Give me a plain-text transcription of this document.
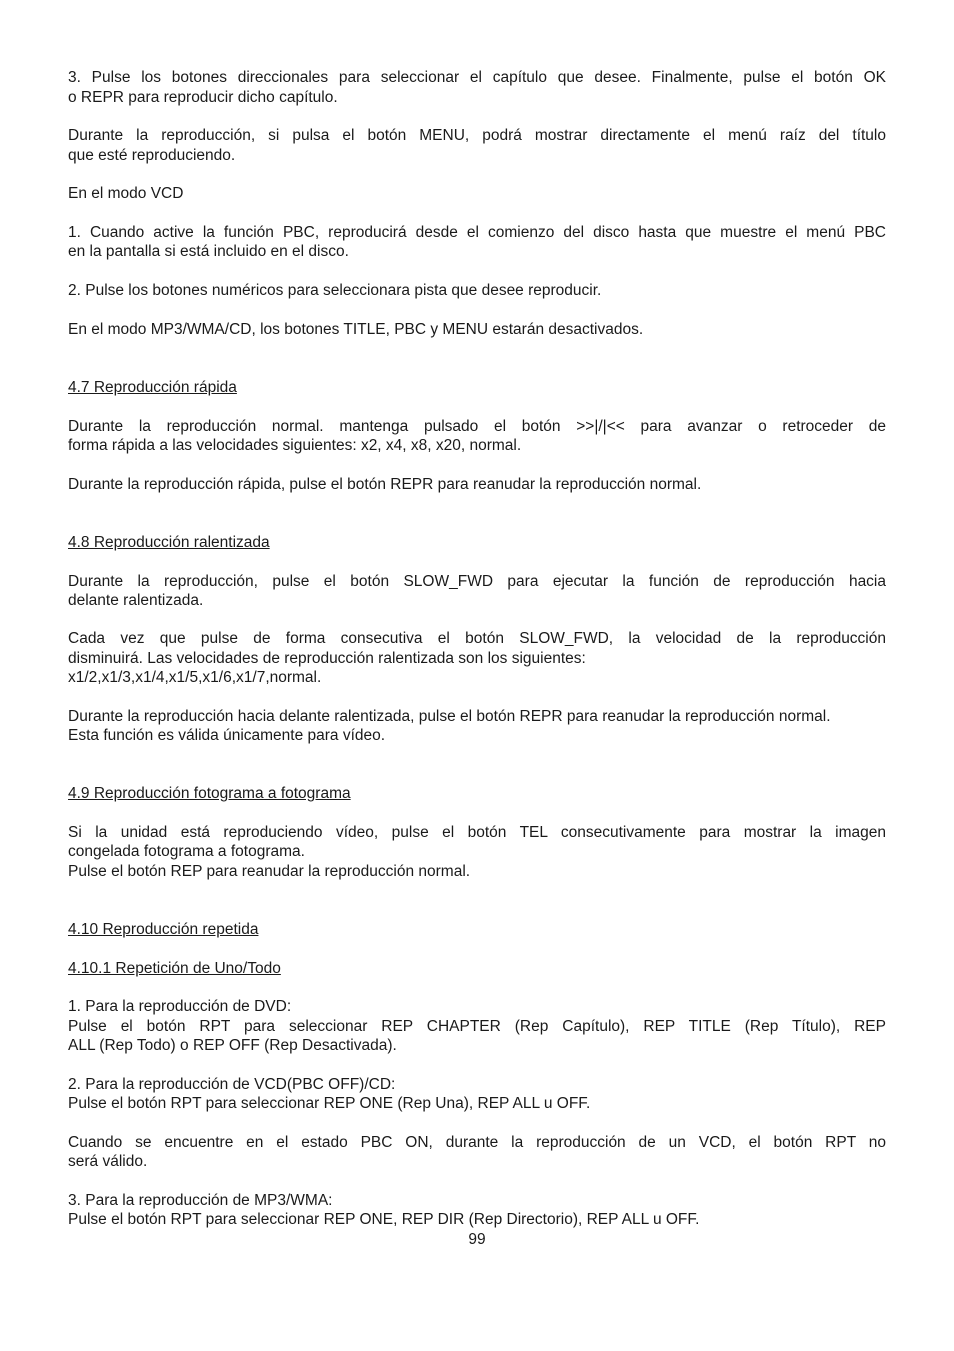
3. Pulse los botones direccionales para seleccionar el capítulo que desee. Finalmente, pulse el botón OK
o REPR para reproducir dicho capítulo.
Durante la reproducción, si pulsa el botón MENU, podrá mostrar directamente el menú raíz del título
que esté reproduciendo.
En el modo VCD
1. Cuando active la función PBC, reproducirá desde el comienzo del disco hasta que muestre el menú PBC
en la pantalla si está incluido en el disco.
2. Pulse los botones numéricos para seleccionara pista que desee reproducir.
En el modo MP3/WMA/CD, los botones TITLE, PBC y MENU estarán desactivados.
4.7 Reproducción rápida
Durante la reproducción normal. mantenga pulsado el botón >>|/|<< para avanzar o retroceder de
forma rápida a las velocidades siguientes: x2, x4, x8, x20, normal.
Durante la reproducción rápida, pulse el botón REPR para reanudar la reproducción normal.
4.8 Reproducción ralentizada
Durante la reproducción, pulse el botón SLOW_FWD para ejecutar la función de reproducción hacia
delante ralentizada.
Cada vez que pulse de forma consecutiva el botón SLOW_FWD, la velocidad de la reproducción
disminuirá. Las velocidades de reproducción ralentizada son los siguientes:
x1/2,x1/3,x1/4,x1/5,x1/6,x1/7,normal.
Durante la reproducción hacia delante ralentizada, pulse el botón REPR para reanudar la reproducción normal.
Esta función es válida únicamente para vídeo.
4.9 Reproducción fotograma a fotograma
Si la unidad está reproduciendo vídeo, pulse el botón TEL consecutivamente para mostrar la imagen
congelada fotograma a fotograma.
Pulse el botón REP para reanudar la reproducción normal.
4.10 Reproducción repetida
4.10.1 Repetición de Uno/Todo
1. Para la reproducción de DVD:
Pulse el botón RPT para seleccionar REP CHAPTER (Rep Capítulo), REP TITLE (Rep Título), REP
ALL (Rep Todo) o REP OFF (Rep Desactivada).
2. Para la reproducción de VCD(PBC OFF)/CD:
Pulse el botón RPT para seleccionar REP ONE (Rep Una), REP ALL u OFF.
Cuando se encuentre en el estado PBC ON, durante la reproducción de un VCD, el botón RPT no
será válido.
3. Para la reproducción de MP3/WMA:
Pulse el botón RPT para seleccionar REP ONE, REP DIR (Rep Directorio), REP ALL u OFF.
99
